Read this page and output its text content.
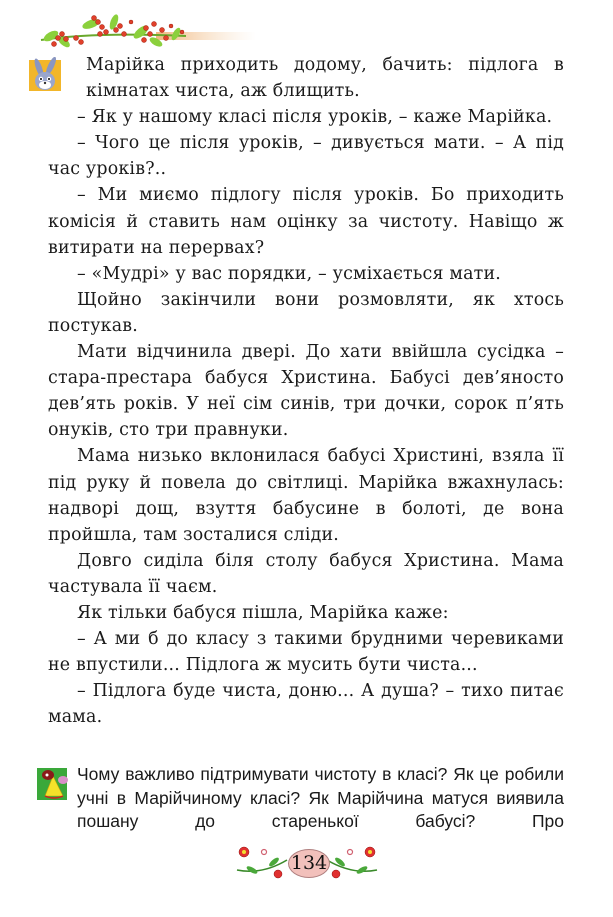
Марійка приходить додому, бачить: підлога в кімнатах чиста, аж блищить.

– Як у нашому класі після уроків, – каже Марійка.

– Чого це після уроків, – дивується мати. – А під час уроків?..

– Ми миємо підлогу після уроків. Бо приходить комісія й ставить нам оцінку за чистоту. Навіщо ж витирати на перервах?

– «Мудрі» у вас порядки, – усміхається мати.

Щойно закінчили вони розмовляти, як хтось постукав.

Мати відчинила двері. До хати ввійшла сусідка – стара-престара бабуся Христина. Бабусі дев’яносто дев’ять років. У неї сім синів, три дочки, сорок п’ять онуків, сто три правнуки.

Мама низько вклонилася бабусі Христині, взяла її під руку й повела до світлиці. Марійка вжахнулась: надворі дощ, взуття бабусине в болоті, де вона пройшла, там зосталися сліди.

Довго сиділа біля столу бабуся Христина. Мама частувала її чаєм.

Як тільки бабуся пішла, Марійка каже:

– А ми б до класу з такими брудними черевиками не впустили... Підлога ж мусить бути чиста...

– Підлога буде чиста, доню... А душа? – тихо питає мама.

Чому важливо підтримувати чистоту в класі? Як це робили учні в Марійчиному класі? Як Марійчина матуся виявила пошану до старенької бабусі? Про

134
